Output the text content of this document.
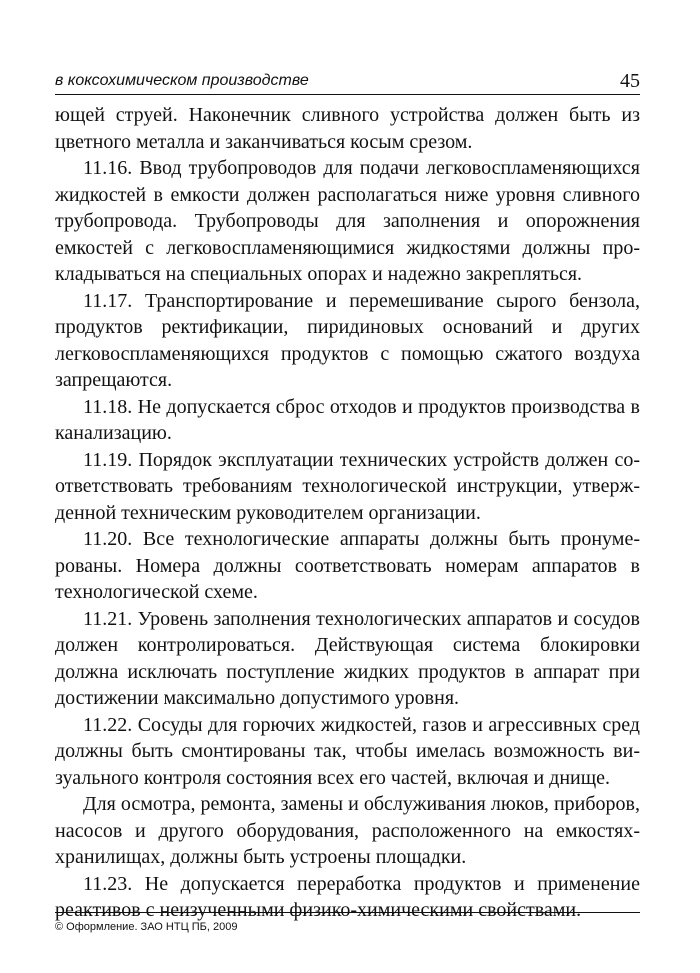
в коксохимическом производстве	45

ющей струей. Наконечник сливного устройства должен быть из цветного металла и заканчиваться косым срезом.

11.16. Ввод трубопроводов для подачи легковоспламеняющихся жидкостей в емкости должен располагаться ниже уровня сливного трубопровода. Трубопроводы для заполнения и опорожнения емкостей с легковоспламеняющимися жидкостями должны прокладываться на специальных опорах и надежно закрепляться.

11.17. Транспортирование и перемешивание сырого бензола, продуктов ректификации, пиридиновых оснований и других легковоспламеняющихся продуктов с помощью сжатого воздуха запрещаются.

11.18. Не допускается сброс отходов и продуктов производства в канализацию.

11.19. Порядок эксплуатации технических устройств должен соответствовать требованиям технологической инструкции, утвержденной техническим руководителем организации.

11.20. Все технологические аппараты должны быть пронумерованы. Номера должны соответствовать номерам аппаратов в технологической схеме.

11.21. Уровень заполнения технологических аппаратов и сосудов должен контролироваться. Действующая система блокировки должна исключать поступление жидких продуктов в аппарат при достижении максимально допустимого уровня.

11.22. Сосуды для горючих жидкостей, газов и агрессивных сред должны быть смонтированы так, чтобы имелась возможность визуального контроля состояния всех его частей, включая и днище.

Для осмотра, ремонта, замены и обслуживания люков, приборов, насосов и другого оборудования, расположенного на емкостях-хранилищах, должны быть устроены площадки.

11.23. Не допускается переработка продуктов и применение реактивов с неизученными физико-химическими свойствами.

© Оформление. ЗАО НТЦ ПБ, 2009
